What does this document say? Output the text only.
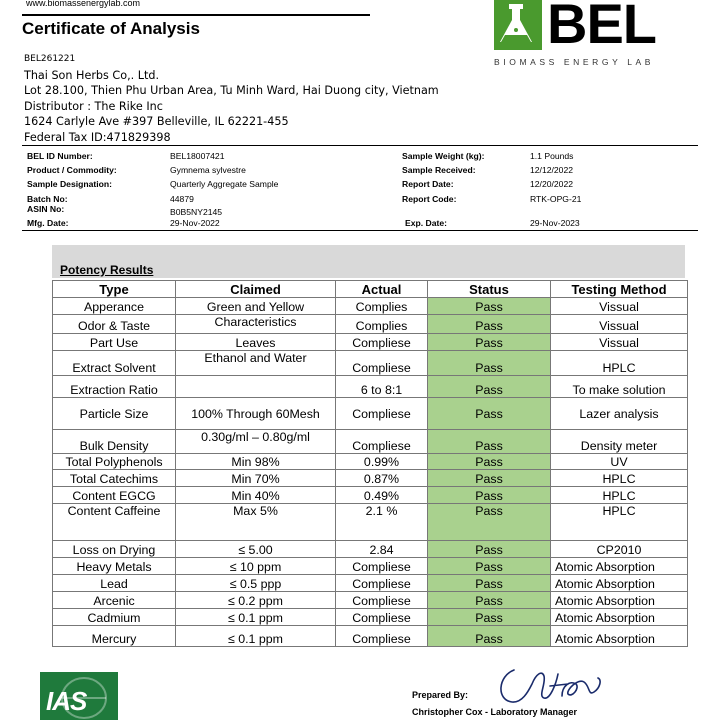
www.biomassenergylab.com
Certificate of Analysis	BEL
BIOMASS ENERGY LAB
BEL261221
Thai Son Herbs Co,. Ltd.
Lot 28.100, Thien Phu Urban Area, Tu Minh Ward, Hai Duong city, Vietnam
Distributor : The Rike Inc
1624 Carlyle Ave #397 Belleville, IL 62221-455
Federal Tax ID:471829398
BEL ID Number:	BEL18007421
Product / Commodity:	Gymnema sylvestre
Sample Designation:	Quarterly Aggregate Sample
Batch No:	44879
ASIN No:	B0B5NY2145
Mfg. Date:	29-Nov-2022
Sample Weight (kg):	1.1 Pounds
Sample Received:	12/12/2022
Report Date:	12/20/2022
Report Code:	RTK-OPG-21
Exp. Date:	29-Nov-2023
Potency Results
Type	Claimed	Actual	Status	Testing Method
Apperance	Green and Yellow	Complies	Pass	Vissual
Odor & Taste	Characteristics	Complies	Pass	Vissual
Part Use	Leaves	Compliese	Pass	Vissual
Extract Solvent	Ethanol and Water	Compliese	Pass	HPLC
Extraction Ratio		6 to 8:1	Pass	To make solution
Particle Size	100% Through 60Mesh	Compliese	Pass	Lazer analysis
Bulk Density	0.30g/ml – 0.80g/ml	Compliese	Pass	Density meter
Total Polyphenols	Min 98%	0.99%	Pass	UV
Total Catechims	Min 70%	0.87%	Pass	HPLC
Content EGCG	Min 40%	0.49%	Pass	HPLC
Content Caffeine	Max 5%	2.1 %	Pass	HPLC
Loss on Drying	≤ 5.00	2.84	Pass	CP2010
Heavy Metals	≤ 10 ppm	Compliese	Pass	Atomic Absorption
Lead	≤ 0.5 ppp	Compliese	Pass	Atomic Absorption
Arcenic	≤ 0.2 ppm	Compliese	Pass	Atomic Absorption
Cadmium	≤ 0.1 ppm	Compliese	Pass	Atomic Absorption
Mercury	≤ 0.1 ppm	Compliese	Pass	Atomic Absorption
IAS	Prepared By:
Christopher Cox - Laboratory Manager
